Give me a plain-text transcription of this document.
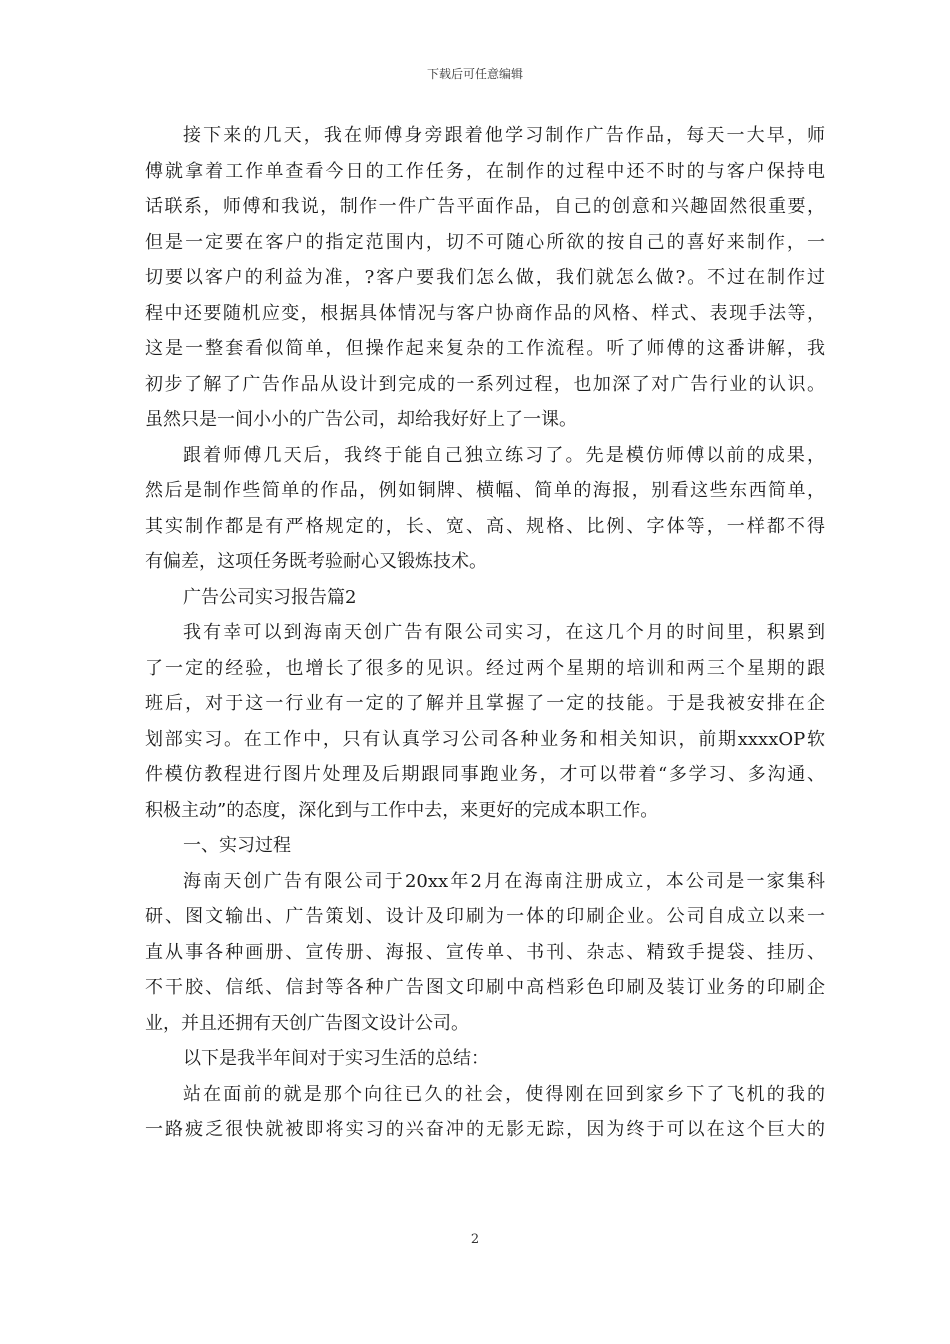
下载后可任意编辑
接下来的几天，我在师傅身旁跟着他学习制作广告作品，每天一大早，师
傅就拿着工作单查看今日的工作任务，在制作的过程中还不时的与客户保持电
话联系，师傅和我说，制作一件广告平面作品，自己的创意和兴趣固然很重要，
但是一定要在客户的指定范围内，切不可随心所欲的按自己的喜好来制作，一
切要以客户的利益为准，?客户要我们怎么做，我们就怎么做?。不过在制作过
程中还要随机应变，根据具体情况与客户协商作品的风格、样式、表现手法等，
这是一整套看似简单，但操作起来复杂的工作流程。听了师傅的这番讲解，我
初步了解了广告作品从设计到完成的一系列过程，也加深了对广告行业的认识。
虽然只是一间小小的广告公司，却给我好好上了一课。
跟着师傅几天后，我终于能自己独立练习了。先是模仿师傅以前的成果，
然后是制作些简单的作品，例如铜牌、横幅、简单的海报，别看这些东西简单，
其实制作都是有严格规定的，长、宽、高、规格、比例、字体等，一样都不得
有偏差，这项任务既考验耐心又锻炼技术。
广告公司实习报告篇2
我有幸可以到海南天创广告有限公司实习，在这几个月的时间里，积累到
了一定的经验，也增长了很多的见识。经过两个星期的培训和两三个星期的跟
班后，对于这一行业有一定的了解并且掌握了一定的技能。于是我被安排在企
划部实习。在工作中，只有认真学习公司各种业务和相关知识，前期xxxxOP软
件模仿教程进行图片处理及后期跟同事跑业务，才可以带着“多学习、多沟通、
积极主动”的态度，深化到与工作中去，来更好的完成本职工作。
一、实习过程
海南天创广告有限公司于20xx年2月在海南注册成立，本公司是一家集科
研、图文输出、广告策划、设计及印刷为一体的印刷企业。公司自成立以来一
直从事各种画册、宣传册、海报、宣传单、书刊、杂志、精致手提袋、挂历、
不干胶、信纸、信封等各种广告图文印刷中高档彩色印刷及装订业务的印刷企
业，并且还拥有天创广告图文设计公司。
以下是我半年间对于实习生活的总结：
站在面前的就是那个向往已久的社会，使得刚在回到家乡下了飞机的我的
一路疲乏很快就被即将实习的兴奋冲的无影无踪，因为终于可以在这个巨大的
2
